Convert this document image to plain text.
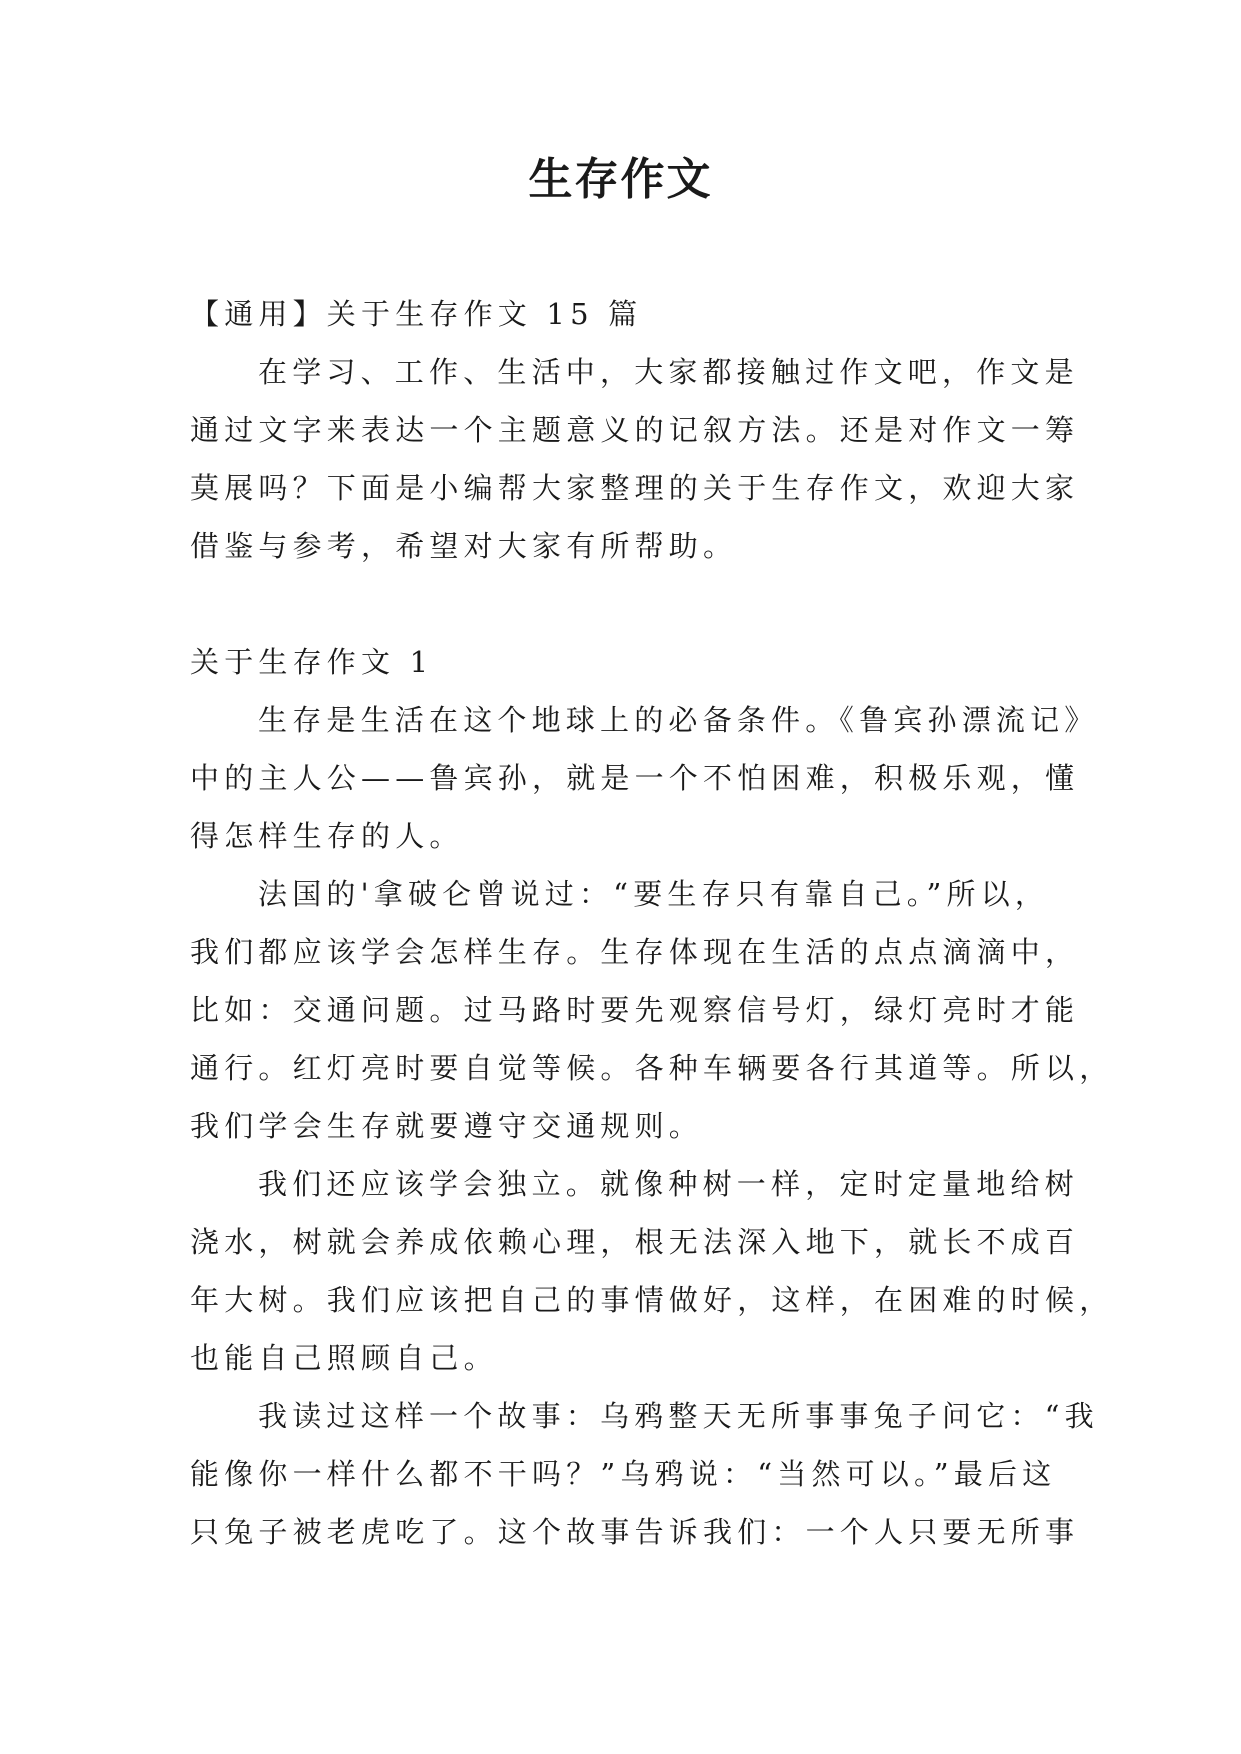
生存作文

【通用】关于生存作文 15 篇

在学习、工作、生活中，大家都接触过作文吧，作文是

通过文字来表达一个主题意义的记叙方法。还是对作文一筹

莫展吗？下面是小编帮大家整理的关于生存作文，欢迎大家

借鉴与参考，希望对大家有所帮助。

关于生存作文 1

生存是生活在这个地球上的必备条件。《鲁宾孙漂流记》

中的主人公——鲁宾孙，就是一个不怕困难，积极乐观，懂

得怎样生存的人。

法国的'拿破仑曾说过：“要生存只有靠自己。”所以，

我们都应该学会怎样生存。生存体现在生活的点点滴滴中，

比如：交通问题。过马路时要先观察信号灯，绿灯亮时才能

通行。红灯亮时要自觉等候。各种车辆要各行其道等。所以，

我们学会生存就要遵守交通规则。

我们还应该学会独立。就像种树一样，定时定量地给树

浇水，树就会养成依赖心理，根无法深入地下，就长不成百

年大树。我们应该把自己的事情做好，这样，在困难的时候，

也能自己照顾自己。

我读过这样一个故事：乌鸦整天无所事事兔子问它：“我

能像你一样什么都不干吗？”乌鸦说：“当然可以。”最后这

只兔子被老虎吃了。这个故事告诉我们：一个人只要无所事
